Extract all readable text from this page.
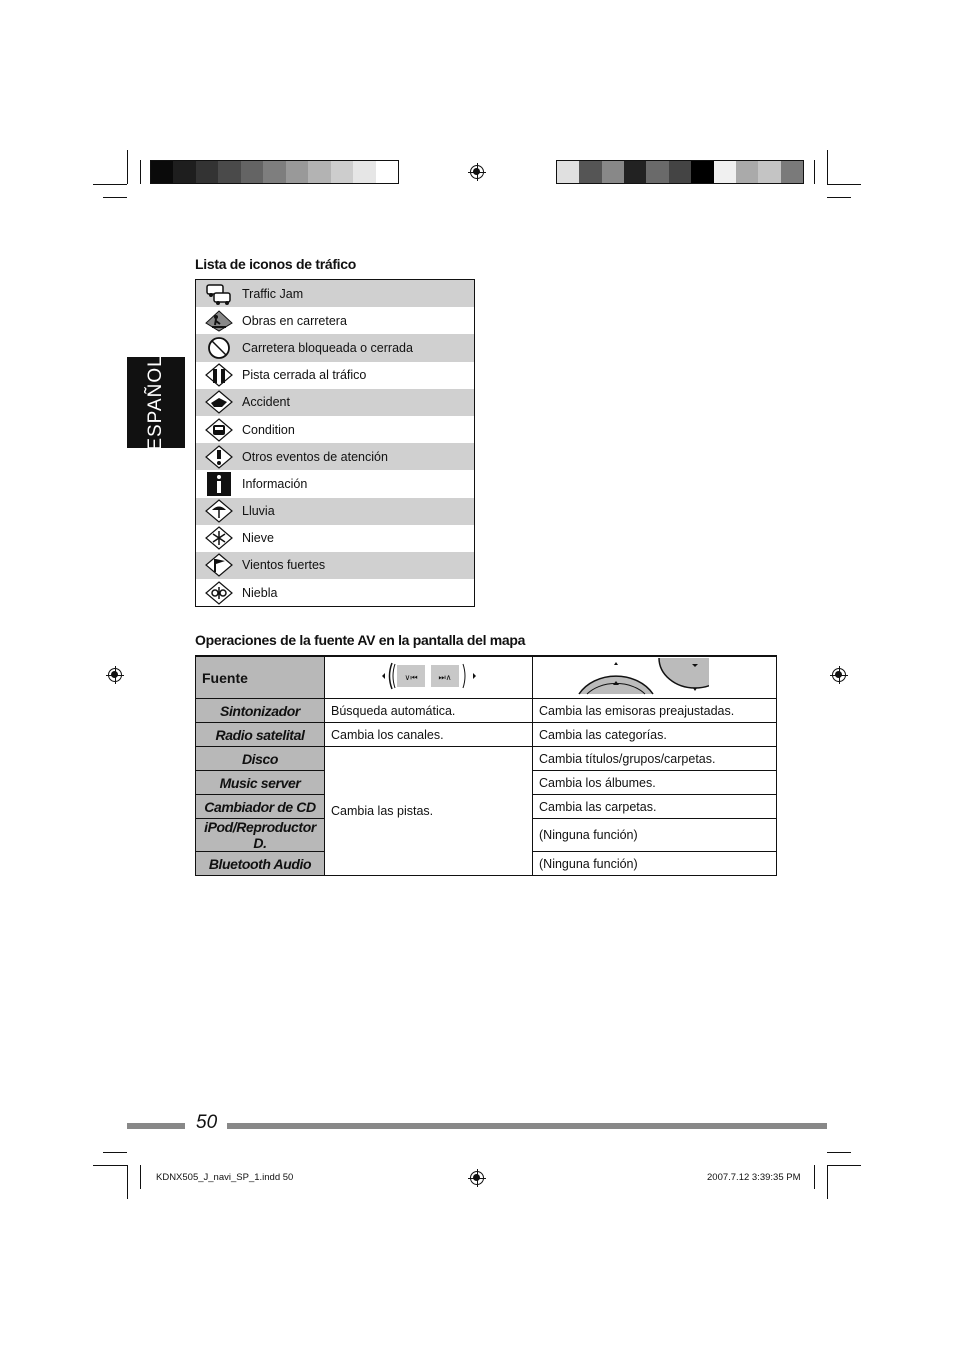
ESPAÑOL
Lista de iconos de tráfico
Traffic Jam
Obras en carretera
Carretera bloqueada o cerrada
Pista cerrada al tráfico
Accident
Condition
Otros eventos de atención
Información
Lluvia
Nieve
Vientos fuertes
Niebla
Operaciones de la fuente AV en la pantalla del mapa
Fuente	∨⏮ ⏭∧

Sintonizador	Búsqueda automática.	Cambia las emisoras preajustadas.
Radio satelital	Cambia los canales.	Cambia las categorías.
Disco	Cambia las pistas.	Cambia títulos/grupos/carpetas.
Music server		Cambia los álbumes.
Cambiador de CD		Cambia las carpetas.
iPod/Reproductor D.		(Ninguna función)
Bluetooth Audio		(Ninguna función)
50
KDNX505_J_navi_SP_1.indd 50	2007.7.12 3:39:35 PM
